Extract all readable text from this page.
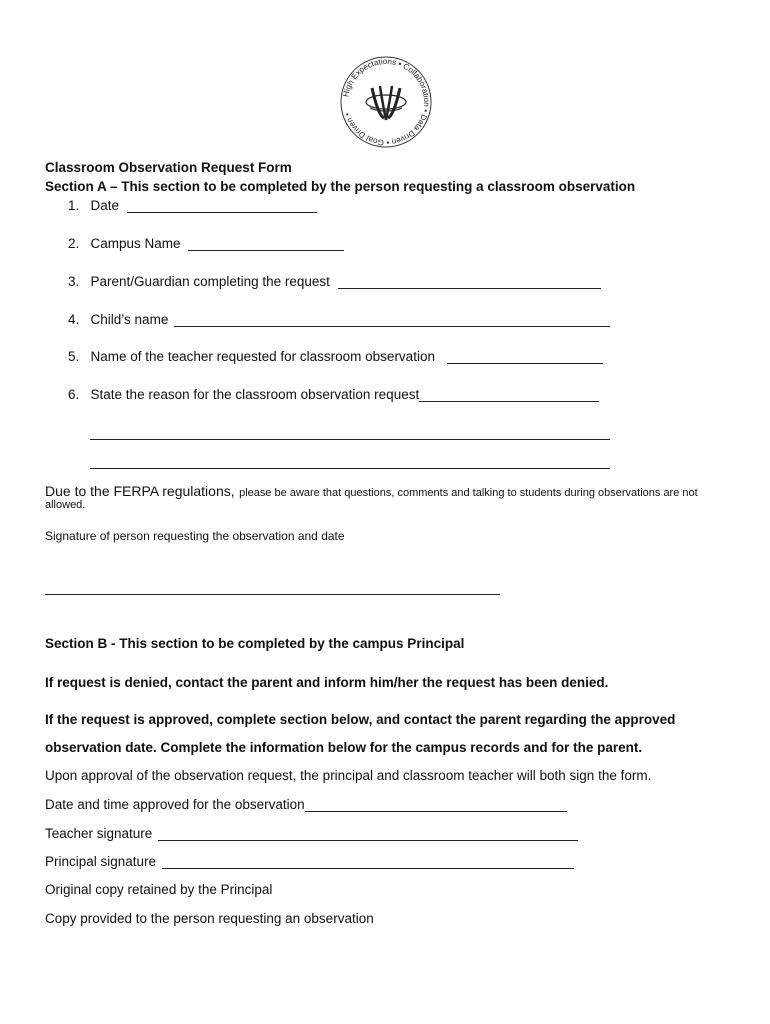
High Expectations • Collaboration • Data Driven • Goal Driven •
Classroom Observation Request Form
Section A – This section to be completed by the person requesting a classroom observation
1. Date
2. Campus Name
3. Parent/Guardian completing the request
4. Child’s name
5. Name of the teacher requested for classroom observation
6. State the reason for the classroom observation request
Due to the FERPA regulations, please be aware that questions, comments and talking to students during observations are not
allowed.
Signature of person requesting the observation and date
Section B - This section to be completed by the campus Principal
If request is denied, contact the parent and inform him/her the request has been denied.
If the request is approved, complete section below, and contact the parent regarding the approved
observation date. Complete the information below for the campus records and for the parent.
Upon approval of the observation request, the principal and classroom teacher will both sign the form.
Date and time approved for the observation
Teacher signature
Principal signature
Original copy retained by the Principal
Copy provided to the person requesting an observation
